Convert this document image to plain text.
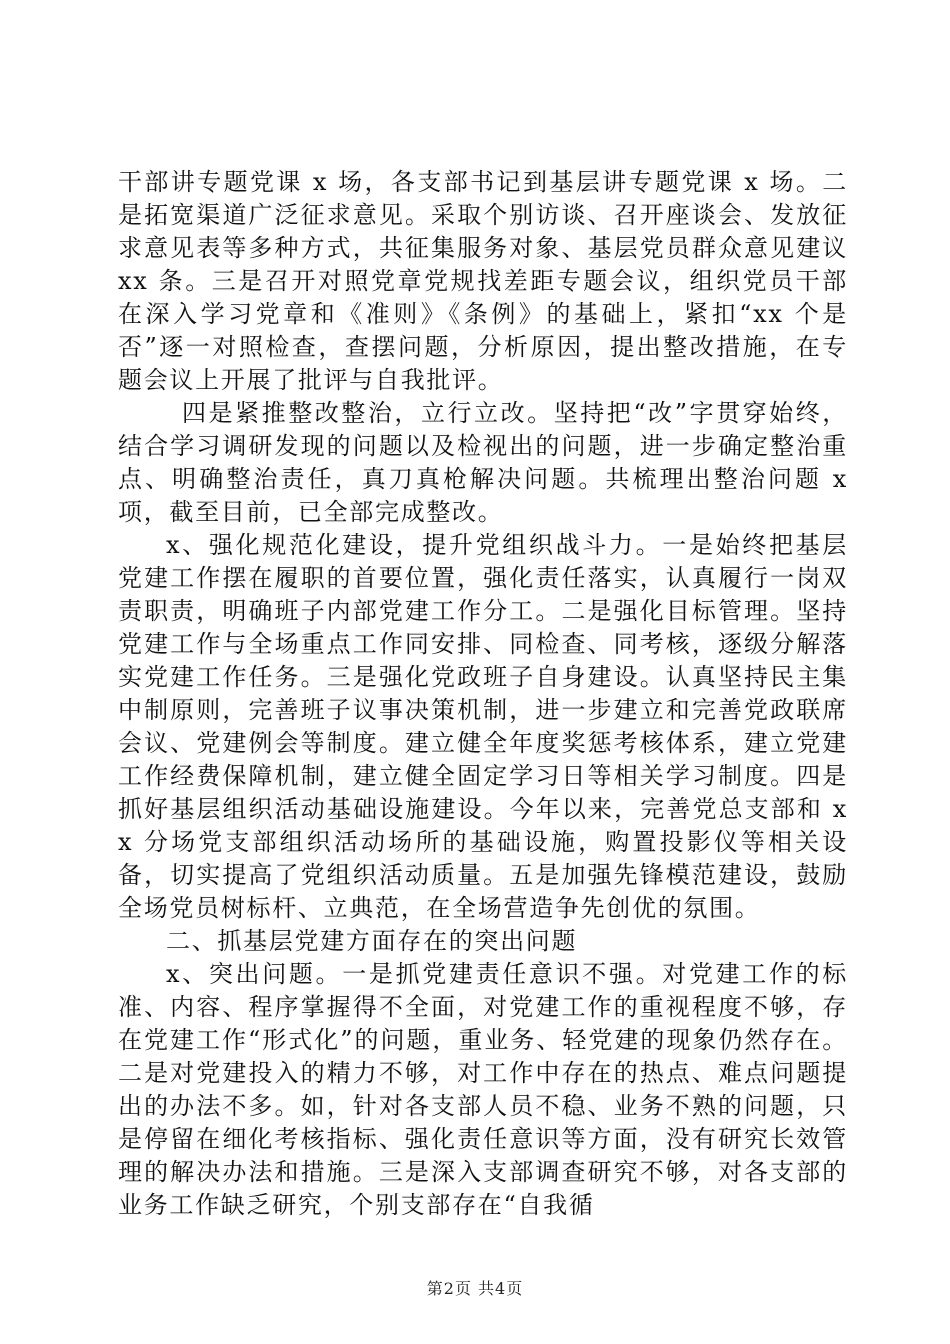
干部讲专题党课 x 场，各支部书记到基层讲专题党课 x 场。二是拓宽渠道广泛征求意见。采取个别访谈、召开座谈会、发放征求意见表等多种方式，共征集服务对象、基层党员群众意见建议 xx 条。三是召开对照党章党规找差距专题会议，组织党员干部在深入学习党章和《准则》《条例》的基础上，紧扣“xx 个是否”逐一对照检查，查摆问题，分析原因，提出整改措施，在专题会议上开展了批评与自我批评。

四是紧推整改整治，立行立改。坚持把“改”字贯穿始终，结合学习调研发现的问题以及检视出的问题，进一步确定整治重点、明确整治责任，真刀真枪解决问题。共梳理出整治问题 x 项，截至目前，已全部完成整改。

x、强化规范化建设，提升党组织战斗力。一是始终把基层党建工作摆在履职的首要位置，强化责任落实，认真履行一岗双责职责，明确班子内部党建工作分工。二是强化目标管理。坚持党建工作与全场重点工作同安排、同检查、同考核，逐级分解落实党建工作任务。三是强化党政班子自身建设。认真坚持民主集中制原则，完善班子议事决策机制，进一步建立和完善党政联席会议、党建例会等制度。建立健全年度奖惩考核体系，建立党建工作经费保障机制，建立健全固定学习日等相关学习制度。四是抓好基层组织活动基础设施建设。今年以来，完善党总支部和 xx 分场党支部组织活动场所的基础设施，购置投影仪等相关设备，切实提高了党组织活动质量。五是加强先锋模范建设，鼓励全场党员树标杆、立典范，在全场营造争先创优的氛围。

二、抓基层党建方面存在的突出问题

x、突出问题。一是抓党建责任意识不强。对党建工作的标准、内容、程序掌握得不全面，对党建工作的重视程度不够，存在党建工作“形式化”的问题，重业务、轻党建的现象仍然存在。二是对党建投入的精力不够，对工作中存在的热点、难点问题提出的办法不多。如，针对各支部人员不稳、业务不熟的问题，只是停留在细化考核指标、强化责任意识等方面，没有研究长效管理的解决办法和措施。三是深入支部调查研究不够，对各支部的业务工作缺乏研究，个别支部存在“自我循

第2页 共4页
